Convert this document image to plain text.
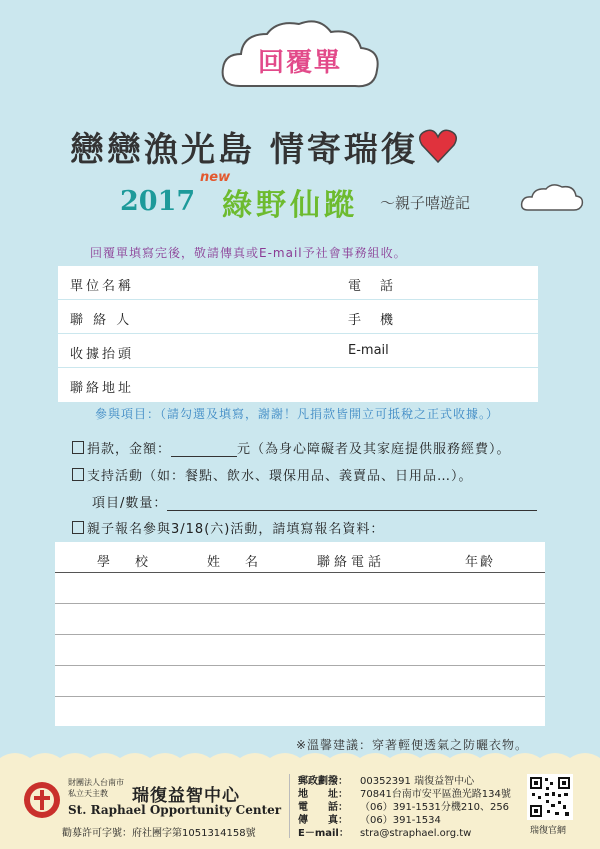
回覆單
戀戀漁光島 情寄瑞復
2017
new
綠野仙蹤 ～親子嘻遊記
回覆單填寫完後，敬請傳真或E-mail予社會事務組收。
單位名稱	電　話
聯 絡 人	手　機
收據抬頭	E-mail
聯絡地址
參與項目：（請勾選及填寫，謝謝！凡捐款皆開立可抵稅之正式收據。）
捐款，金額：	元（為身心障礙者及其家庭提供服務經費）。
支持活動（如：餐點、飲水、環保用品、義賣品、日用品…）。
項目/數量：
親子報名參與3/18(六)活動，請填寫報名資料：
學　校	姓　名	聯絡電話	年齡
※溫馨建議：穿著輕便透氣之防曬衣物。
財團法人台南市私立天主教	瑞復益智中心
St. Raphael Opportunity Center
勸募許可字號：府社團字第1051314158號
郵政劃撥： 00352391 瑞復益智中心
地　　址： 70841台南市安平區漁光路134號
電　　話： （06）391-1531分機210、256
傳　　真： （06）391-1534
E－mail： stra@straphael.org.tw	瑞復官網
